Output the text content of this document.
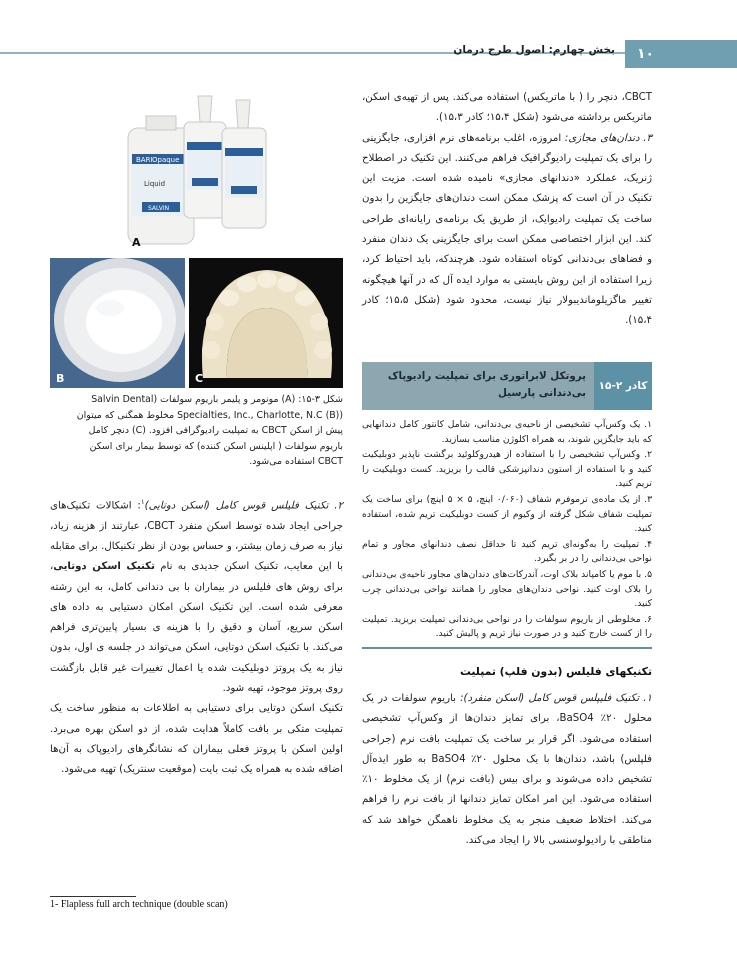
۱۰
بخش چهارم: اصول طرح درمان

CBCT، دنچر را ( با ماتریکس) استفاده می‌کند. پس از تهیه‌ی اسکن، ماتریکس برداشته می‌شود (شکل ۱۵،۴؛ کادر ۱۵،۳).

۳. دندان‌های مجازی: امروزه، اغلب برنامه‌های نرم افزاری، جایگزینی را برای یک تمپلیت رادیوگرافیک فراهم می‌کنند. این تکنیک در اصطلاح ژنریک، عملکرد «دندانهای مجازی» نامیده شده است. مزیت این تکنیک در آن است که پزشک ممکن است دندان‌های جایگزین را بدون ساخت یک تمپلیت رادیوایک، از طریق یک برنامه‌ی رایانه‌ای طراحی کند. این ابزار اختصاصی ممکن است برای جایگزینی یک دندان منفرد و فضاهای بی‌دندانی کوتاه استفاده شود. هرچندکه، باید احتیاط کرد، زیرا استفاده از این روش بایستی به موارد ایده آل که در آنها هیچگونه تغییر ماگزیلوماندیبولار نیاز نیست، محدود شود (شکل ۱۵،۵؛ کادر ۱۵،۴).

کادر ۲-۱۵
پروتکل لابراتوری برای تمپلیت رادیوپاک بی‌دندانی پارسیل

۱. یک وکس‌آپ تشخیصی از ناحیه‌ی بی‌دندانی، شامل کانتور کامل دندانهایی که باید جایگزین شوند، به همراه اکلوژن مناسب بسازید.

۲. وکس‌آپ تشخیصی را با استفاده از هیدروکلوئید برگشت ناپذیر دوبلیکیت کنید و با استفاده از استون دندانپزشکی قالب را بریزید. کست دوبلیکیت را تریم کنید.

۳. از یک ماده‌ی ترموفرم شفاف (۰/۰۶۰ اینچ، ۵ × ۵ اینچ) برای ساخت یک تمپلیت شفاف شکل گرفته از وکیوم از کست دوبلیکیت تریم شده، استفاده کنید.

۴. تمپلیت را به‌گونه‌ای تریم کنید تا حداقل نصف دندانهای مجاور و تمام نواحی بی‌دندانی را در بر بگیرد.

۵. با موم یا کامپاند بلاک اوت، آندرکات‌های دندان‌های مجاور ناحیه‌ی بی‌دندانی را بلاک اوت کنید. نواحی دندان‌های مجاور را همانند نواحی بی‌دندانی چرب کنید.

۶. مخلوطی از باریوم سولفات را در نواحی بی‌دندانی تمپلیت بریزید. تمپلیت را از کست خارج کنید و در صورت نیاز تریم و پالیش کنید.

تکنیکهای فلیلس (بدون فلپ) تمپلیت

۱. تکنیک فلیپلس قوس کامل (اسکن منفرد): باریوم سولفات در یک محلول ۲۰٪ BaSO4، برای تمایز دندان‌ها از وکس‌آپ تشخیصی استفاده می‌شود. اگر قرار بر ساخت یک تمپلیت بافت نرم (جراحی فلپلس) باشد، دندان‌ها با یک محلول ۲۰٪ BaSO4 به طور ایده‌آل تشخیص داده می‌شوند و برای بیس (بافت نرم) از یک مخلوط ۱۰٪ استفاده می‌شود. این امر امکان تمایز دندانها از بافت نرم را فراهم می‌کند. اختلاط ضعیف منجر به یک مخلوط ناهمگن خواهد شد که مناطقی با رادیولوسنسی بالا را ایجاد می‌کند.

BARI Opaque
Liquid
SALVIN
A
B	C

شکل ۳-۱۵: (A) مونومر و پلیمر باریوم سولفات (Salvin Dental

(Specialties, Inc., Charlotte, N.C (B) مخلوط همگنی که میتوان

پیش از اسکن CBCT به تمپلیت رادیوگرافی افزود. (C) دنچر کامل

باریوم سولفات ( اپلینس اسکن کننده) که توسط بیمار برای اسکن

CBCT استفاده می‌شود.

۲. تکنیک فلیلس قوس کامل (اسکن دوتایی)$^۱$: اشکالات تکنیک‌های جراحی ایجاد شده توسط اسکن منفرد CBCT، عبارتند از هزینه زیاد، نیاز به صرف زمان بیشتر، و حساس بودن از نظر تکنیکال. برای مقابله با این معایب، تکنیک اسکن جدیدی به نام تکنیک اسکن دوتایی، برای روش های فلیلس در بیماران با بی دندانی کامل، به این رشته معرفی شده است. این تکنیک اسکن امکان دستیابی به داده های اسکن سریع، آسان و دقیق را با هزینه ی بسیار پایین‌تری فراهم می‌کند. با تکنیک اسکن دوتایی، اسکن می‌تواند در جلسه ی اول، بدون نیاز به یک پروتز دوبلیکیت شده یا اعمال تغییرات غیر قابل بازگشت روی پروتز موجود، تهیه شود.

تکنیک اسکن دوتایی برای دستیابی به اطلاعات به منظور ساخت یک تمپلیت متکی بر بافت کاملاً هدایت شده، از دو اسکن بهره می‌برد. اولین اسکن با پروتز فعلی بیماران که نشانگرهای رادیوپاک به آن‌ها اضافه شده به همراه یک ثبت بایت (موقعیت سنتریک) تهیه می‌شود.

1- Flapless full arch technique (double scan)
